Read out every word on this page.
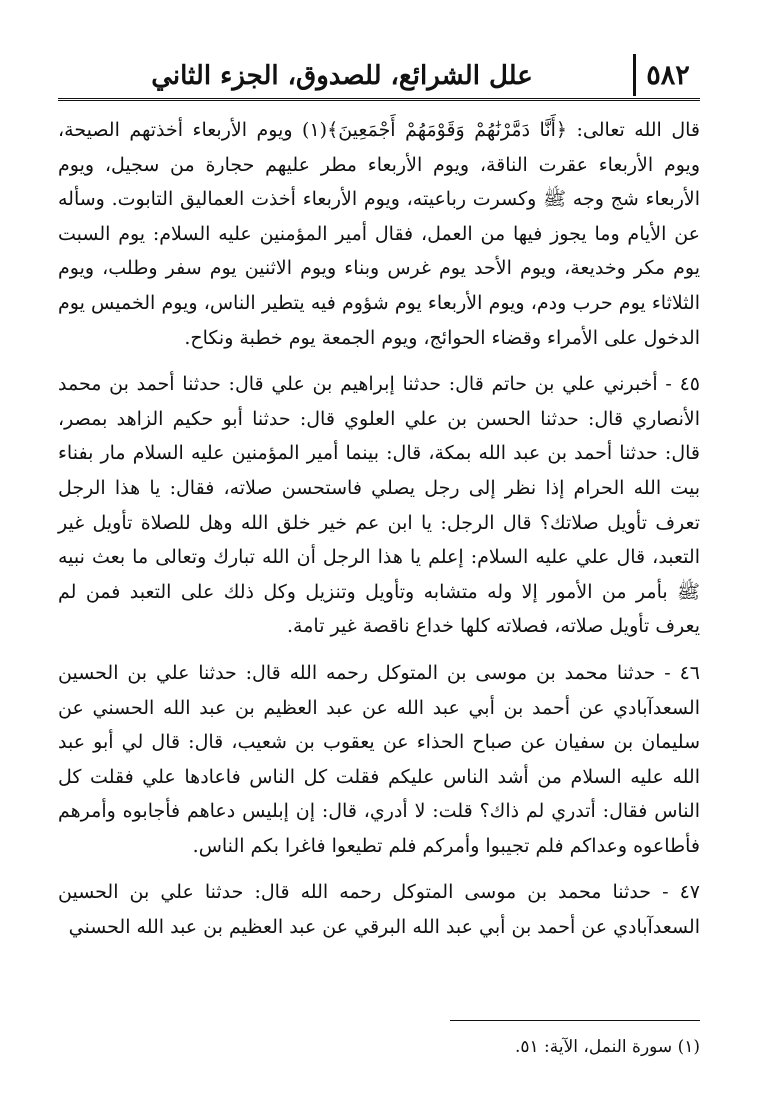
٥٨٢
علل الشرائع، للصدوق، الجزء الثاني

قال الله تعالى: ﴿أَنَّا دَمَّرْنَٰهُمْ وَقَوْمَهُمْ أَجْمَعِينَ﴾(١) ويوم الأربعاء أخذتهم الصيحة، ويوم الأربعاء عقرت الناقة، ويوم الأربعاء مطر عليهم حجارة من سجيل، ويوم الأربعاء شج وجه ﷺ وكسرت رباعيته، ويوم الأربعاء أخذت العماليق التابوت. وسأله عن الأيام وما يجوز فيها من العمل، فقال أمير المؤمنين عليه السلام: يوم السبت يوم مكر وخديعة، ويوم الأحد يوم غرس وبناء ويوم الاثنين يوم سفر وطلب، ويوم الثلاثاء يوم حرب ودم، ويوم الأربعاء يوم شؤوم فيه يتطير الناس، ويوم الخميس يوم الدخول على الأمراء وقضاء الحوائج، ويوم الجمعة يوم خطبة ونكاح.

٤٥ - أخبرني علي بن حاتم قال: حدثنا إبراهيم بن علي قال: حدثنا أحمد بن محمد الأنصاري قال: حدثنا الحسن بن علي العلوي قال: حدثنا أبو حكيم الزاهد بمصر، قال: حدثنا أحمد بن عبد الله بمكة، قال: بينما أمير المؤمنين عليه السلام مار بفناء بيت الله الحرام إذا نظر إلى رجل يصلي فاستحسن صلاته، فقال: يا هذا الرجل تعرف تأويل صلاتك؟ قال الرجل: يا ابن عم خير خلق الله وهل للصلاة تأويل غير التعبد، قال علي عليه السلام: إعلم يا هذا الرجل أن الله تبارك وتعالى ما بعث نبيه ﷺ بأمر من الأمور إلا وله متشابه وتأويل وتنزيل وكل ذلك على التعبد فمن لم يعرف تأويل صلاته، فصلاته كلها خداع ناقصة غير تامة.

٤٦ - حدثنا محمد بن موسى بن المتوكل رحمه الله قال: حدثنا علي بن الحسين السعدآبادي عن أحمد بن أبي عبد الله عن عبد العظيم بن عبد الله الحسني عن سليمان بن سفيان عن صباح الحذاء عن يعقوب بن شعيب، قال: قال لي أبو عبد الله عليه السلام من أشد الناس عليكم فقلت كل الناس فاعادها علي فقلت كل الناس فقال: أتدري لم ذاك؟ قلت: لا أدري، قال: إن إبليس دعاهم فأجابوه وأمرهم فأطاعوه وعداكم فلم تجيبوا وأمركم فلم تطيعوا فاغرا بكم الناس.

٤٧ - حدثنا محمد بن موسى المتوكل رحمه الله قال: حدثنا علي بن الحسين السعدآبادي عن أحمد بن أبي عبد الله البرقي عن عبد العظيم بن عبد الله الحسني

(١) سورة النمل، الآية: ٥١.
